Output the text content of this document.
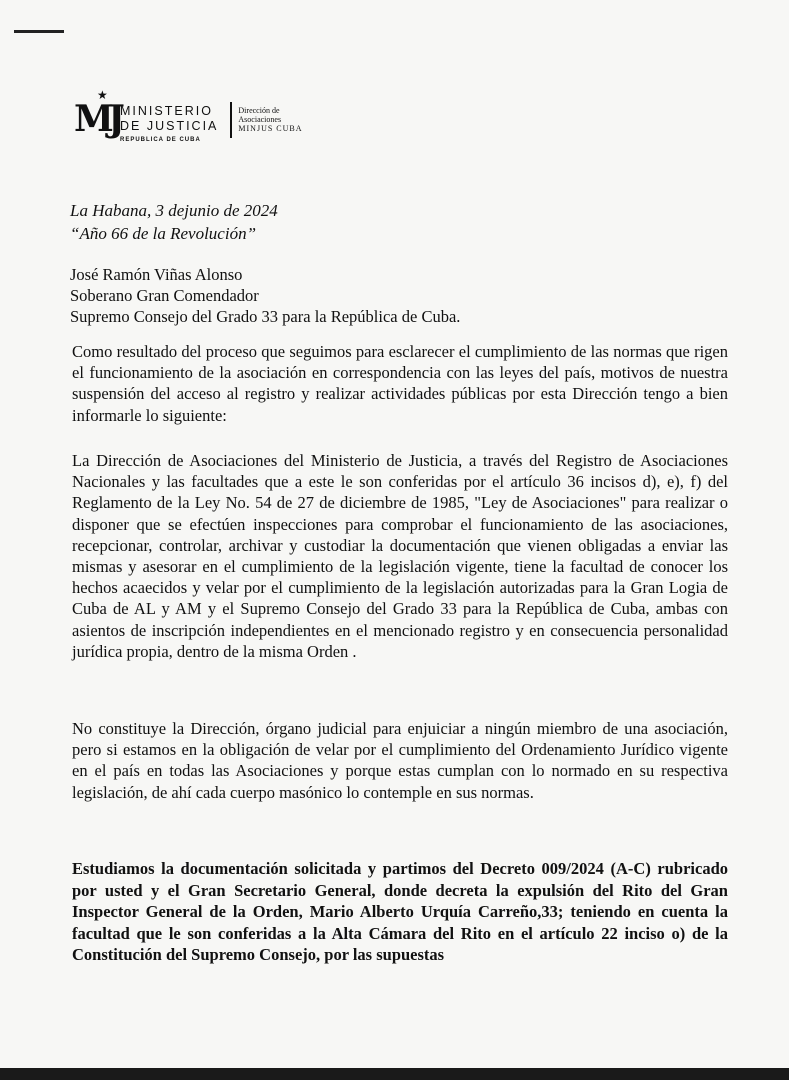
★
MJ MINISTERIO
DE JUSTICIA
REPUBLICA DE CUBA
Dirección de
Asociaciones
MINJUS CUBA
La Habana, 3 dejunio de 2024
“Año 66 de la Revolución”
José Ramón Viñas Alonso
Soberano Gran Comendador
Supremo Consejo del Grado 33 para la República de Cuba.
Como resultado del proceso que seguimos para esclarecer el cumplimiento de las normas que rigen el funcionamiento de la asociación en correspondencia con las leyes del país, motivos de nuestra suspensión del acceso al registro y realizar actividades públicas por esta Dirección tengo a bien informarle lo siguiente:
La Dirección de Asociaciones del Ministerio de Justicia, a través del Registro de Asociaciones Nacionales y las facultades que a este le son conferidas por el artículo 36 incisos d), e), f) del Reglamento de la Ley No. 54 de 27 de diciembre de 1985, "Ley de Asociaciones" para realizar o disponer que se efectúen inspecciones para comprobar el funcionamiento de las asociaciones, recepcionar, controlar, archivar y custodiar la documentación que vienen obligadas a enviar las mismas y asesorar en el cumplimiento de la legislación vigente, tiene la facultad de conocer los hechos acaecidos y velar por el cumplimiento de la legislación autorizadas para la Gran Logia de Cuba de AL y AM y el Supremo Consejo del Grado 33 para la República de Cuba, ambas con asientos de inscripción independientes en el mencionado registro y en consecuencia personalidad jurídica propia, dentro de la misma Orden .
No constituye la Dirección, órgano judicial para enjuiciar a ningún miembro de una asociación, pero si estamos en la obligación de velar por el cumplimiento del Ordenamiento Jurídico vigente en el país en todas las Asociaciones y porque estas cumplan con lo normado en su respectiva legislación, de ahí cada cuerpo masónico lo contemple en sus normas.
Estudiamos la documentación solicitada y partimos del Decreto 009/2024 (A-C) rubricado por usted y el Gran Secretario General, donde decreta la expulsión del Rito del Gran Inspector General de la Orden, Mario Alberto Urquía Carreño,33; teniendo en cuenta la facultad que le son conferidas a la Alta Cámara del Rito en el artículo 22 inciso o) de la Constitución del Supremo Consejo, por las supuestas
